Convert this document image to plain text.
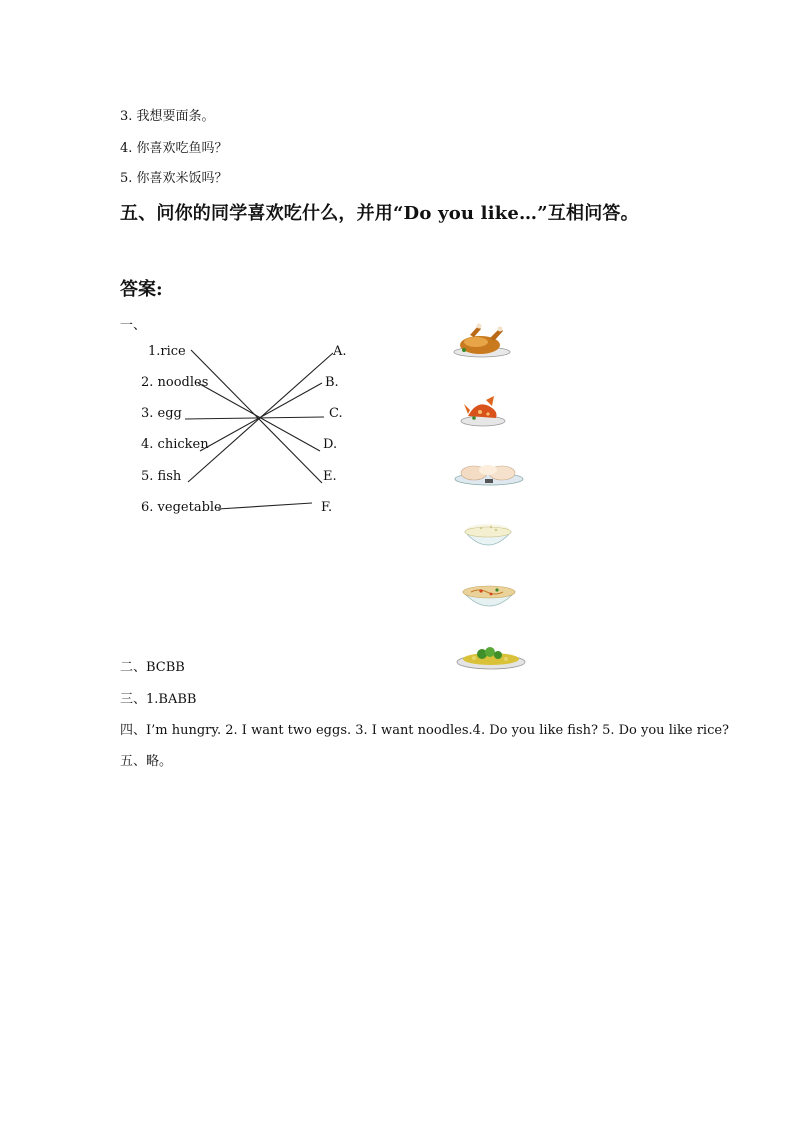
3. 我想要面条。
4. 你喜欢吃鱼吗？
5. 你喜欢米饭吗？
五、问你的同学喜欢吃什么，并用“Do you like…”互相问答。
答案:
一、
1.rice
2. noodles
3. egg
4. chicken
5. fish
6. vegetable
A.
B.
C.
D.
E.
F.
二、BCBB
三、1.BABB
四、I’m hungry. 2. I want two eggs. 3. I want noodles.4. Do you like fish? 5. Do you like rice?
五、略。
